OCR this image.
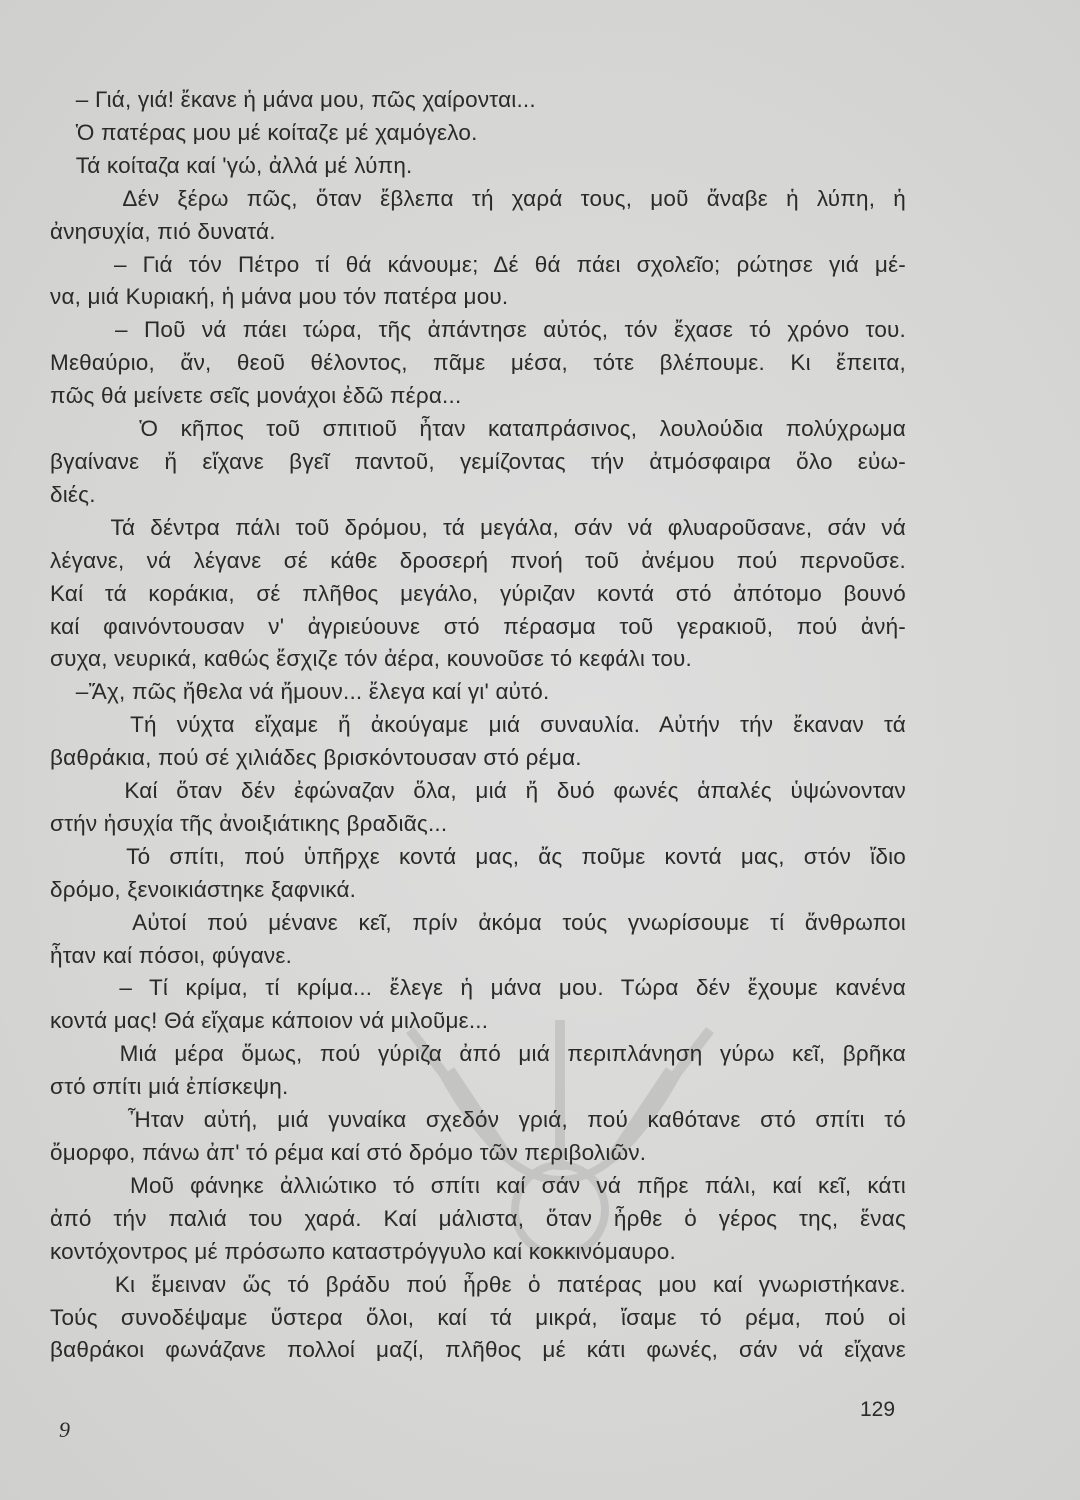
– Γιά, γιά! ἔκανε ἡ μάνα μου, πῶς χαίρονται...

Ὁ πατέρας μου μέ κοίταζε μέ χαμόγελο.

Τά κοίταζα καί 'γώ, ἀλλά μέ λύπη.

Δέν ξέρω πῶς, ὅταν ἔβλεπα τή χαρά τους, μοῦ ἄναβε ἡ λύπη, ἡ

ἀνησυχία, πιό δυνατά.

– Γιά τόν Πέτρο τί θά κάνουμε; Δέ θά πάει σχολεῖο; ρώτησε γιά μέ-

να, μιά Κυριακή, ἡ μάνα μου τόν πατέρα μου.

– Ποῦ νά πάει τώρα, τῆς ἀπάντησε αὐτός, τόν ἔχασε τό χρόνο του.

Μεθαύριο, ἄν, θεοῦ θέλοντος, πᾶμε μέσα, τότε βλέπουμε. Κι ἔπειτα,

πῶς θά μείνετε σεῖς μονάχοι ἐδῶ πέρα...

Ὁ κῆπος τοῦ σπιτιοῦ ἦταν καταπράσινος, λουλούδια πολύχρωμα

βγαίνανε ἤ εἴχανε βγεῖ παντοῦ, γεμίζοντας τήν ἀτμόσφαιρα ὅλο εὐω-

διές.

Τά δέντρα πάλι τοῦ δρόμου, τά μεγάλα, σάν νά φλυαροῦσανε, σάν νά

λέγανε, νά λέγανε σέ κάθε δροσερή πνοή τοῦ ἀνέμου πού περνοῦσε.

Καί τά κοράκια, σέ πλῆθος μεγάλο, γύριζαν κοντά στό ἀπότομο βουνό

καί φαινόντουσαν ν' ἀγριεύουνε στό πέρασμα τοῦ γερακιοῦ, πού ἀνή-

συχα, νευρικά, καθώς ἔσχιζε τόν ἀέρα, κουνοῦσε τό κεφάλι του.

–Ἄχ, πῶς ἤθελα νά ἤμουν... ἔλεγα καί γι' αὐτό.

Τή νύχτα εἴχαμε ἤ ἀκούγαμε μιά συναυλία. Αὐτήν τήν ἔκαναν τά

βαθράκια, πού σέ χιλιάδες βρισκόντουσαν στό ρέμα.

Καί ὅταν δέν ἐφώναζαν ὅλα, μιά ἤ δυό φωνές ἁπαλές ὑψώνονταν

στήν ἡσυχία τῆς ἀνοιξιάτικης βραδιᾶς...

Τό σπίτι, πού ὑπῆρχε κοντά μας, ἄς ποῦμε κοντά μας, στόν ἴδιο

δρόμο, ξενοικιάστηκε ξαφνικά.

Αὐτοί πού μένανε κεῖ, πρίν ἀκόμα τούς γνωρίσουμε τί ἄνθρωποι

ἦταν καί πόσοι, φύγανε.

– Τί κρίμα, τί κρίμα... ἔλεγε ἡ μάνα μου. Τώρα δέν ἔχουμε κανένα

κοντά μας! Θά εἴχαμε κάποιον νά μιλοῦμε...

Μιά μέρα ὅμως, πού γύριζα ἀπό μιά περιπλάνηση γύρω κεῖ, βρῆκα

στό σπίτι μιά ἐπίσκεψη.

Ἦταν αὐτή, μιά γυναίκα σχεδόν γριά, πού καθότανε στό σπίτι τό

ὄμορφο, πάνω ἀπ' τό ρέμα καί στό δρόμο τῶν περιβολιῶν.

Μοῦ φάνηκε ἀλλιώτικο τό σπίτι καί σάν νά πῆρε πάλι, καί κεῖ, κάτι

ἀπό τήν παλιά του χαρά. Καί μάλιστα, ὅταν ἦρθε ὁ γέρος της, ἕνας

κοντόχοντρος μέ πρόσωπο καταστρόγγυλο καί κοκκινόμαυρο.

Κι ἔμειναν ὥς τό βράδυ πού ἦρθε ὁ πατέρας μου καί γνωριστήκανε.

Τούς συνοδέψαμε ὕστερα ὅλοι, καί τά μικρά, ἴσαμε τό ρέμα, πού οἱ

βαθράκοι φωνάζανε πολλοί μαζί, πλῆθος μέ κάτι φωνές, σάν νά εἴχανε

129
9
